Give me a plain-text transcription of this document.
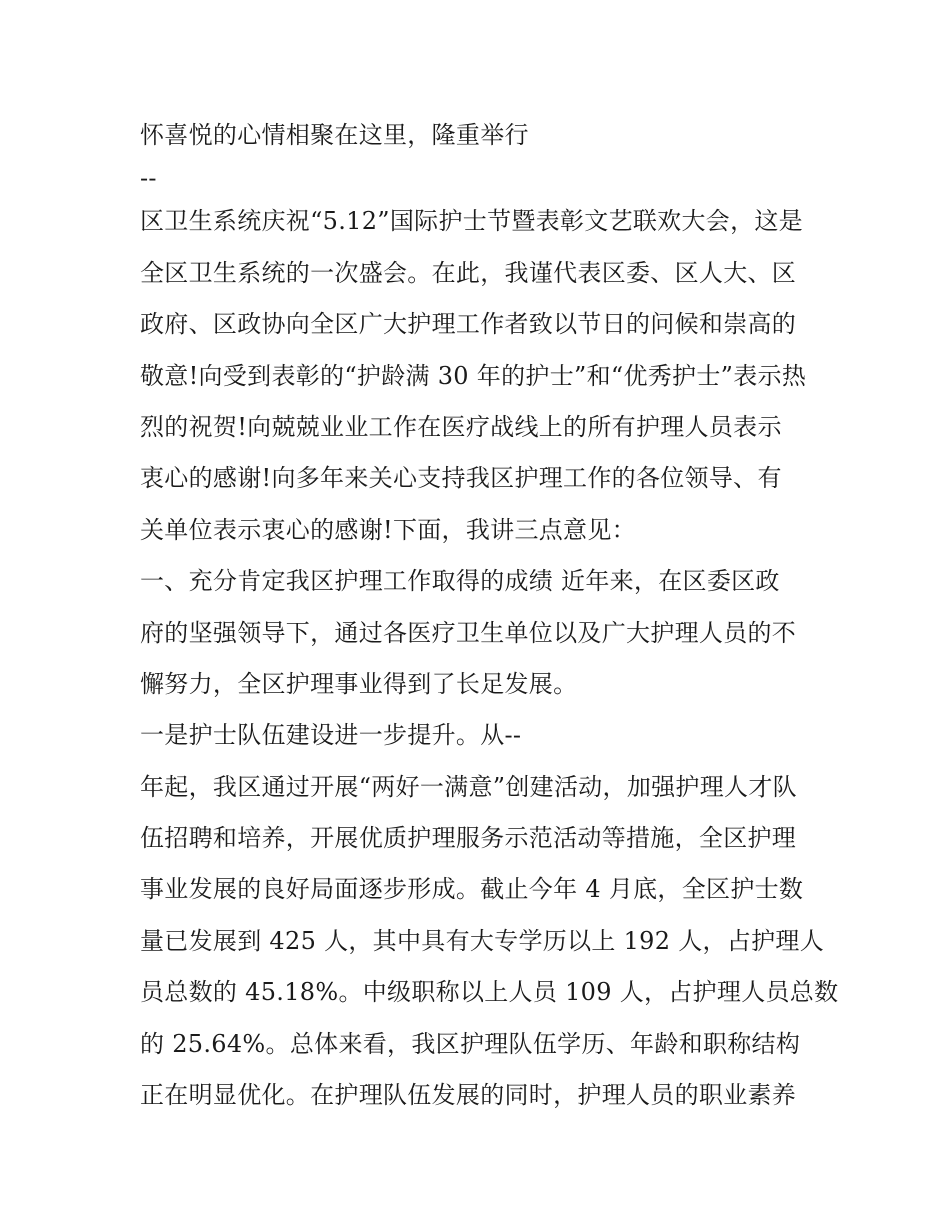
怀喜悦的心情相聚在这里，隆重举行
--
区卫生系统庆祝“5.12”国际护士节暨表彰文艺联欢大会，这是
全区卫生系统的一次盛会。在此，我谨代表区委、区人大、区
政府、区政协向全区广大护理工作者致以节日的问候和崇高的
敬意!向受到表彰的“护龄满 30 年的护士”和“优秀护士”表示热
烈的祝贺!向兢兢业业工作在医疗战线上的所有护理人员表示
衷心的感谢!向多年来关心支持我区护理工作的各位领导、有
关单位表示衷心的感谢!下面，我讲三点意见：
一、充分肯定我区护理工作取得的成绩 近年来，在区委区政
府的坚强领导下，通过各医疗卫生单位以及广大护理人员的不
懈努力，全区护理事业得到了长足发展。
一是护士队伍建设进一步提升。从--
年起，我区通过开展“两好一满意”创建活动，加强护理人才队
伍招聘和培养，开展优质护理服务示范活动等措施，全区护理
事业发展的良好局面逐步形成。截止今年 4 月底，全区护士数
量已发展到 425 人，其中具有大专学历以上 192 人，占护理人
员总数的 45.18%。中级职称以上人员 109 人，占护理人员总数
的 25.64%。总体来看，我区护理队伍学历、年龄和职称结构
正在明显优化。在护理队伍发展的同时，护理人员的职业素养
